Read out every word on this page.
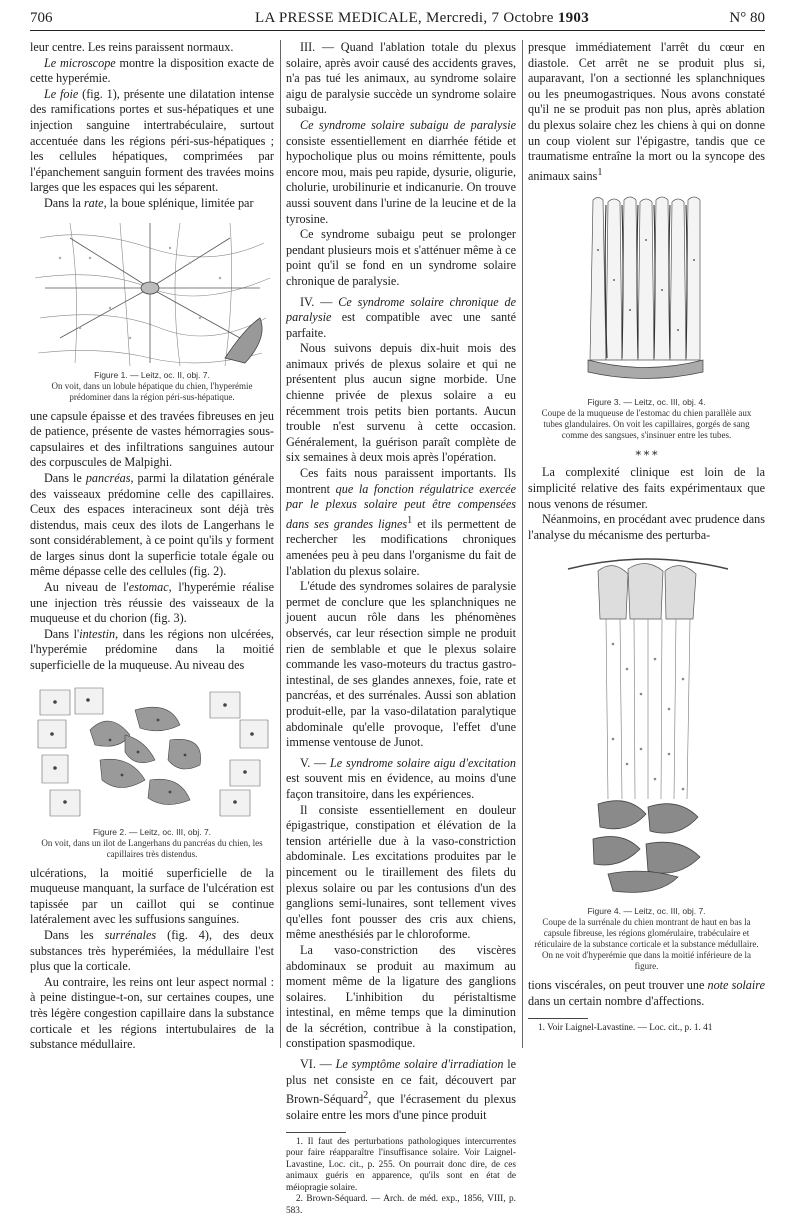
706	LA PRESSE MEDICALE, Mercredi, 7 Octobre 1903	N° 80

leur centre. Les reins paraissent normaux.

Le microscope montre la disposition exacte de cette hyperémie.

Le foie (fig. 1), présente une dilatation intense des ramifications portes et sus-hépatiques et une injection sanguine intertrabéculaire, surtout accentuée dans les régions péri-sus-hépatiques ; les cellules hépatiques, comprimées par l'épanchement sanguin forment des travées moins larges que les espaces qui les séparent.

Dans la rate, la boue splénique, limitée par

Figure 1. — Leitz, oc. II, obj. 7.
On voit, dans un lobule hépatique du chien, l'hyperémie prédominer dans la région péri-sus-hépatique.

une capsule épaisse et des travées fibreuses en jeu de patience, présente de vastes hémorragies sous-capsulaires et des infiltrations sanguines autour des corpuscules de Malpighi.

Dans le pancréas, parmi la dilatation générale des vaisseaux prédomine celle des capillaires. Ceux des espaces interacineux sont déjà très distendus, mais ceux des ilots de Langerhans le sont considérablement, à ce point qu'ils y forment de larges sinus dont la superficie totale égale ou même dépasse celle des cellules (fig. 2).

Au niveau de l'estomac, l'hyperémie réalise une injection très réussie des vaisseaux de la muqueuse et du chorion (fig. 3).

Dans l'intestin, dans les régions non ulcérées, l'hyperémie prédomine dans la moitié superficielle de la muqueuse. Au niveau des

Figure 2. — Leitz, oc. III, obj. 7.
On voit, dans un ilot de Langerhans du pancréas du chien, les capillaires très distendus.

ulcérations, la moitié superficielle de la muqueuse manquant, la surface de l'ulcération est tapissée par un caillot qui se continue latéralement avec les suffusions sanguines.

Dans les surrénales (fig. 4), des deux substances très hyperémiées, la médullaire l'est plus que la corticale.

Au contraire, les reins ont leur aspect normal : à peine distingue-t-on, sur certaines coupes, une très légère congestion capillaire dans la substance corticale et les régions intertubulaires de la substance médullaire.

III. — Quand l'ablation totale du plexus solaire, après avoir causé des accidents graves, n'a pas tué les animaux, au syndrome solaire aigu de paralysie succède un syndrome solaire subaigu.

Ce syndrome solaire subaigu de paralysie consiste essentiellement en diarrhée fétide et hypocholique plus ou moins rémittente, pouls encore mou, mais peu rapide, dysurie, oligurie, cholurie, urobilinurie et indicanurie. On trouve aussi souvent dans l'urine de la leucine et de la tyrosine.

Ce syndrome subaigu peut se prolonger pendant plusieurs mois et s'atténuer même à ce point qu'il se fond en un syndrome solaire chronique de paralysie.

IV. — Ce syndrome solaire chronique de paralysie est compatible avec une santé parfaite.

Nous suivons depuis dix-huit mois des animaux privés de plexus solaire et qui ne présentent plus aucun signe morbide. Une chienne privée de plexus solaire a eu récemment trois petits bien portants. Aucun trouble n'est survenu à cette occasion. Généralement, la guérison paraît complète de six semaines à deux mois après l'opération.

Ces faits nous paraissent importants. Ils montrent que la fonction régulatrice exercée par le plexus solaire peut être compensées dans ses grandes lignes$^1$ et ils permettent de rechercher les modifications chroniques amenées peu à peu dans l'organisme du fait de l'ablation du plexus solaire.

L'étude des syndromes solaires de paralysie permet de conclure que les splanchniques ne jouent aucun rôle dans les phénomènes observés, car leur résection simple ne produit rien de semblable et que le plexus solaire commande les vaso-moteurs du tractus gastro-intestinal, de ses glandes annexes, foie, rate et pancréas, et des surrénales. Aussi son ablation produit-elle, par la vaso-dilatation paralytique abdominale qu'elle provoque, l'effet d'une immense ventouse de Junot.

V. — Le syndrome solaire aigu d'excitation est souvent mis en évidence, au moins d'une façon transitoire, dans les expériences.

Il consiste essentiellement en douleur épigastrique, constipation et élévation de la tension artérielle due à la vaso-constriction abdominale. Les excitations produites par le pincement ou le tiraillement des filets du plexus solaire ou par les contusions d'un des ganglions semi-lunaires, sont tellement vives qu'elles font pousser des cris aux chiens, même anesthésiés par le chloroforme.

La vaso-constriction des viscères abdominaux se produit au maximum au moment même de la ligature des ganglions solaires. L'inhibition du péristaltisme intestinal, en même temps que la diminution de la sécrétion, contribue à la constipation, constipation spasmodique.

VI. — Le symptôme solaire d'irradiation le plus net consiste en ce fait, découvert par Brown-Séquard$^2$, que l'écrasement du plexus solaire entre les mors d'une pince produit

1. Il faut des perturbations pathologiques intercurrentes pour faire réapparaître l'insuffisance solaire. Voir Laignel-Lavastine, Loc. cit., p. 255. On pourrait donc dire, de ces animaux guéris en apparence, qu'ils sont en état de méiopragie solaire.

2. Brown-Séquard. — Arch. de méd. exp., 1856, VIII, p. 583.

presque immédiatement l'arrêt du cœur en diastole. Cet arrêt ne se produit plus si, auparavant, l'on a sectionné les splanchniques ou les pneumogastriques. Nous avons constaté qu'il ne se produit pas non plus, après ablation du plexus solaire chez les chiens à qui on donne un coup violent sur l'épigastre, tandis que ce traumatisme entraîne la mort ou la syncope des animaux sains$^1$

Figure 3. — Leitz, oc. III, obj. 4.
Coupe de la muqueuse de l'estomac du chien parallèle aux tubes glandulaires. On voit les capillaires, gorgés de sang comme des sangsues, s'insinuer entre les tubes.
⁎ ⁎ ⁎

La complexité clinique est loin de la simplicité relative des faits expérimentaux que nous venons de résumer.

Néanmoins, en procédant avec prudence dans l'analyse du mécanisme des perturba-

Figure 4. — Leitz, oc. III, obj. 7.
Coupe de la surrénale du chien montrant de haut en bas la capsule fibreuse, les régions glomérulaire, trabéculaire et réticulaire de la substance corticale et la substance médullaire. On ne voit d'hyperémie que dans la moitié inférieure de la figure.

tions viscérales, on peut trouver une note solaire dans un certain nombre d'affections.

1. Voir Laignel-Lavastine. — Loc. cit., p. 1. 41
